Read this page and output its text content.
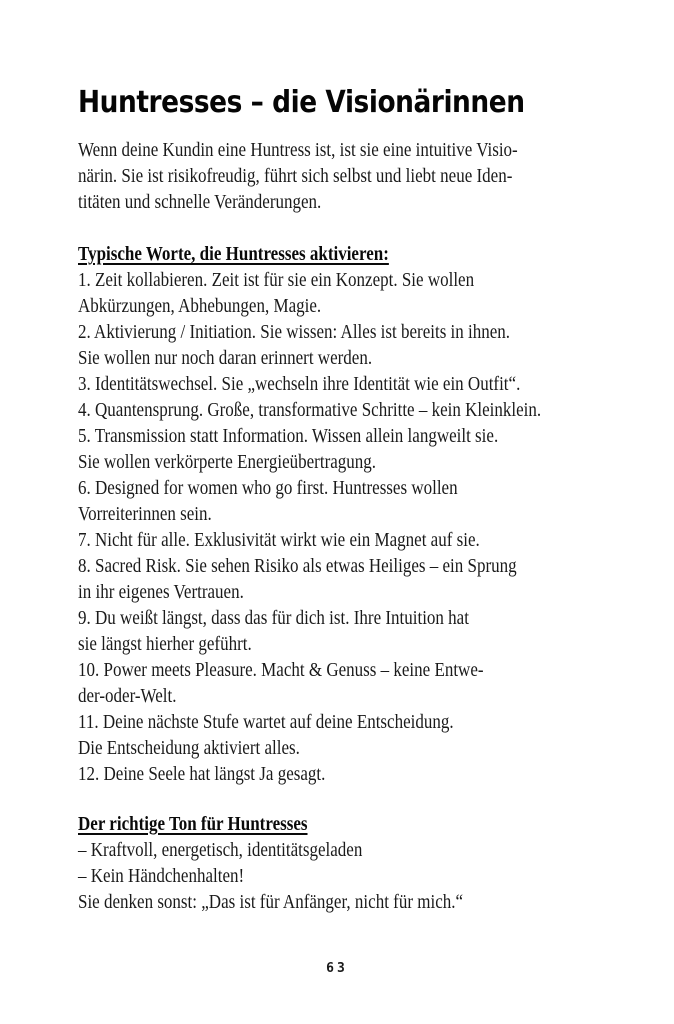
Huntresses – die Visionärinnen
Wenn deine Kundin eine Huntress ist, ist sie eine intuitive Visio-
närin. Sie ist risikofreudig, führt sich selbst und liebt neue Iden-
titäten und schnelle Veränderungen.
Typische Worte, die Huntresses aktivieren:
1. Zeit kollabieren. Zeit ist für sie ein Konzept. Sie wollen
Abkürzungen, Abhebungen, Magie.
2. Aktivierung / Initiation. Sie wissen: Alles ist bereits in ihnen.
Sie wollen nur noch daran erinnert werden.
3. Identitätswechsel. Sie „wechseln ihre Identität wie ein Outfit“.
4. Quantensprung. Große, transformative Schritte – kein Kleinklein.
5. Transmission statt Information. Wissen allein langweilt sie.
Sie wollen verkörperte Energieübertragung.
6. Designed for women who go first. Huntresses wollen
Vorreiterinnen sein.
7. Nicht für alle. Exklusivität wirkt wie ein Magnet auf sie.
8. Sacred Risk. Sie sehen Risiko als etwas Heiliges – ein Sprung
in ihr eigenes Vertrauen.
9. Du weißt längst, dass das für dich ist. Ihre Intuition hat
sie längst hierher geführt.
10. Power meets Pleasure. Macht & Genuss – keine Entwe-
der-oder-Welt.
11. Deine nächste Stufe wartet auf deine Entscheidung.
Die Entscheidung aktiviert alles.
12. Deine Seele hat längst Ja gesagt.
Der richtige Ton für Huntresses
– Kraftvoll, energetisch, identitätsgeladen
– Kein Händchenhalten!
Sie denken sonst: „Das ist für Anfänger, nicht für mich.“
63
